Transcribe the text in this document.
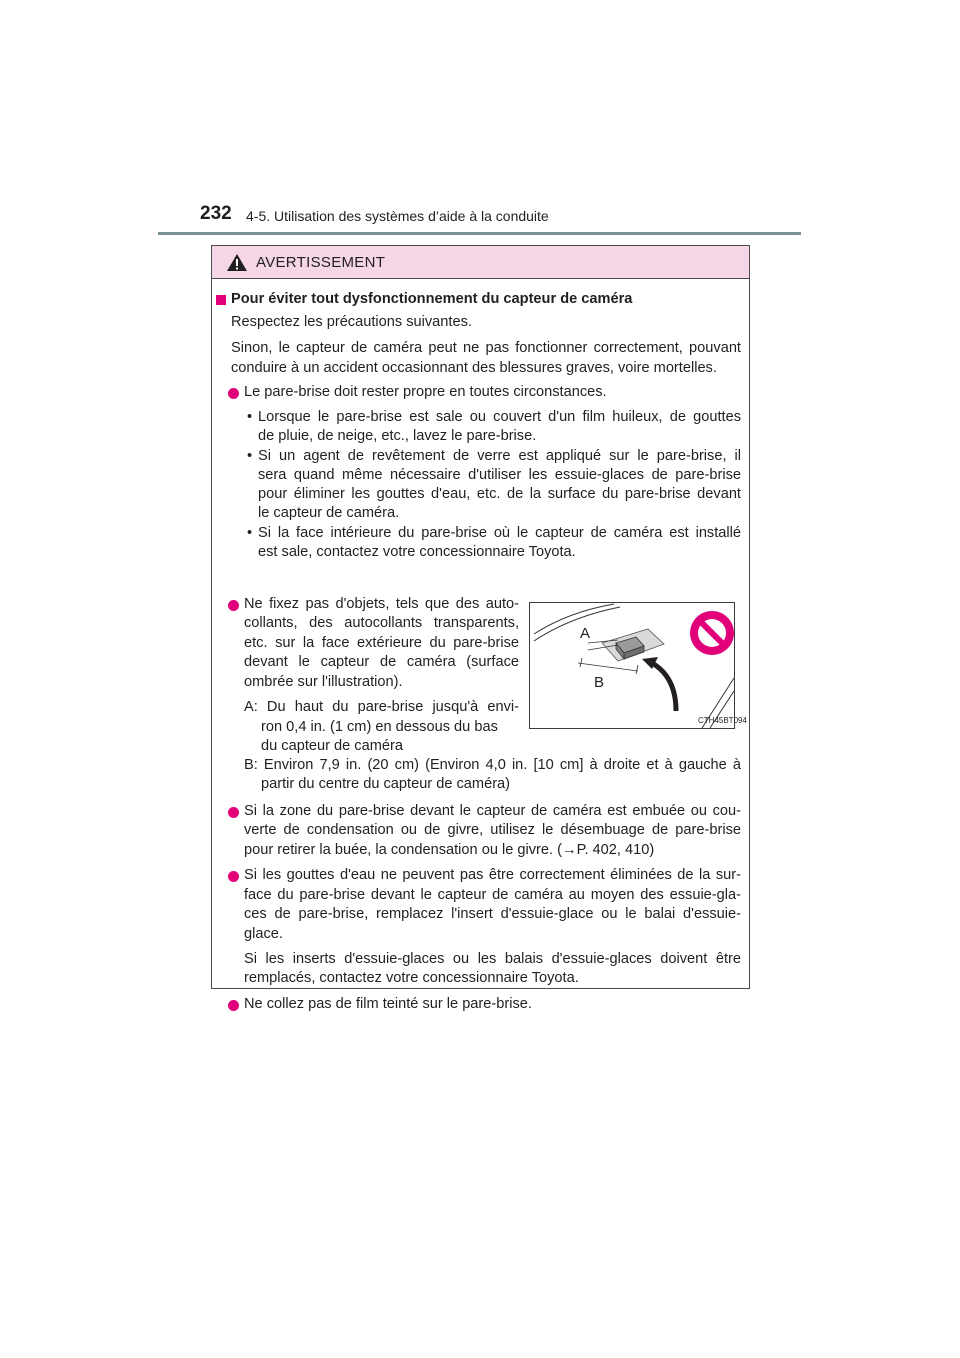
232 4-5. Utilisation des systèmes d’aide à la conduite
AVERTISSEMENT
Pour éviter tout dysfonctionnement du capteur de caméra
Respectez les précautions suivantes.
Sinon, le capteur de caméra peut ne pas fonctionner correctement, pouvant
conduire à un accident occasionnant des blessures graves, voire mortelles.
Le pare-brise doit rester propre en toutes circonstances.
• Lorsque le pare-brise est sale ou couvert d'un film huileux, de gouttes
de pluie, de neige, etc., lavez le pare-brise.
• Si un agent de revêtement de verre est appliqué sur le pare-brise, il
sera quand même nécessaire d'utiliser les essuie-glaces de pare-brise
pour éliminer les gouttes d'eau, etc. de la surface du pare-brise devant
le capteur de caméra.
• Si la face intérieure du pare-brise où le capteur de caméra est installé
est sale, contactez votre concessionnaire Toyota.
Ne fixez pas d'objets, tels que des auto-
collants, des autocollants transparents,
etc. sur la face extérieure du pare-brise
devant le capteur de caméra (surface
ombrée sur l'illustration).
A: Du haut du pare-brise jusqu'à envi-
ron 0,4 in. (1 cm) en dessous du bas
du capteur de caméra
B: Environ 7,9 in. (20 cm) (Environ 4,0 in. [10 cm] à droite et à gauche à
partir du centre du capteur de caméra)
A
B
CTH45BT094
Si la zone du pare-brise devant le capteur de caméra est embuée ou cou-
verte de condensation ou de givre, utilisez le désembuage de pare-brise
pour retirer la buée, la condensation ou le givre. (→P. 402, 410)
Si les gouttes d'eau ne peuvent pas être correctement éliminées de la sur-
face du pare-brise devant le capteur de caméra au moyen des essuie-gla-
ces de pare-brise, remplacez l'insert d'essuie-glace ou le balai d'essuie-
glace.
Si les inserts d'essuie-glaces ou les balais d'essuie-glaces doivent être
remplacés, contactez votre concessionnaire Toyota.
Ne collez pas de film teinté sur le pare-brise.
